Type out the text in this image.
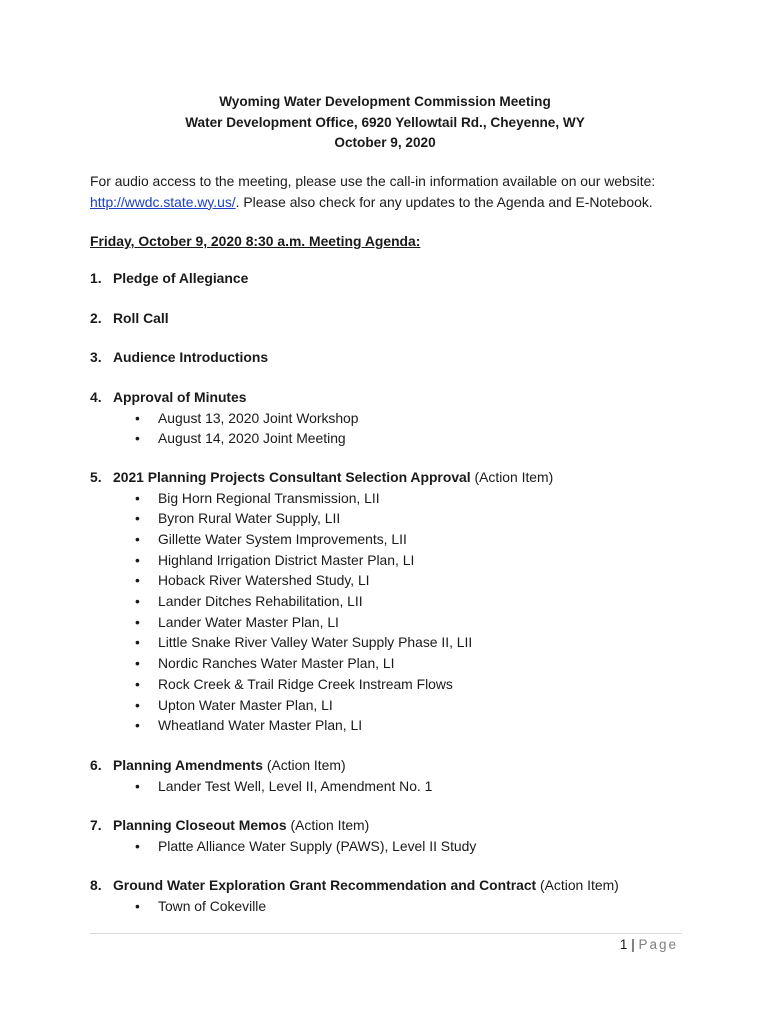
Wyoming Water Development Commission Meeting
Water Development Office, 6920 Yellowtail Rd., Cheyenne, WY
October 9, 2020
For audio access to the meeting, please use the call-in information available on our website:
http://wwdc.state.wy.us/. Please also check for any updates to the Agenda and E-Notebook.
Friday, October 9, 2020 8:30 a.m. Meeting Agenda:
1. Pledge of Allegiance
2. Roll Call
3. Audience Introductions
4. Approval of Minutes
• August 13, 2020 Joint Workshop
• August 14, 2020 Joint Meeting
5. 2021 Planning Projects Consultant Selection Approval (Action Item)
• Big Horn Regional Transmission, LII
• Byron Rural Water Supply, LII
• Gillette Water System Improvements, LII
• Highland Irrigation District Master Plan, LI
• Hoback River Watershed Study, LI
• Lander Ditches Rehabilitation, LII
• Lander Water Master Plan, LI
• Little Snake River Valley Water Supply Phase II, LII
• Nordic Ranches Water Master Plan, LI
• Rock Creek & Trail Ridge Creek Instream Flows
• Upton Water Master Plan, LI
• Wheatland Water Master Plan, LI
6. Planning Amendments (Action Item)
• Lander Test Well, Level II, Amendment No. 1
7. Planning Closeout Memos (Action Item)
• Platte Alliance Water Supply (PAWS), Level II Study
8. Ground Water Exploration Grant Recommendation and Contract (Action Item)
• Town of Cokeville
1 | Page
